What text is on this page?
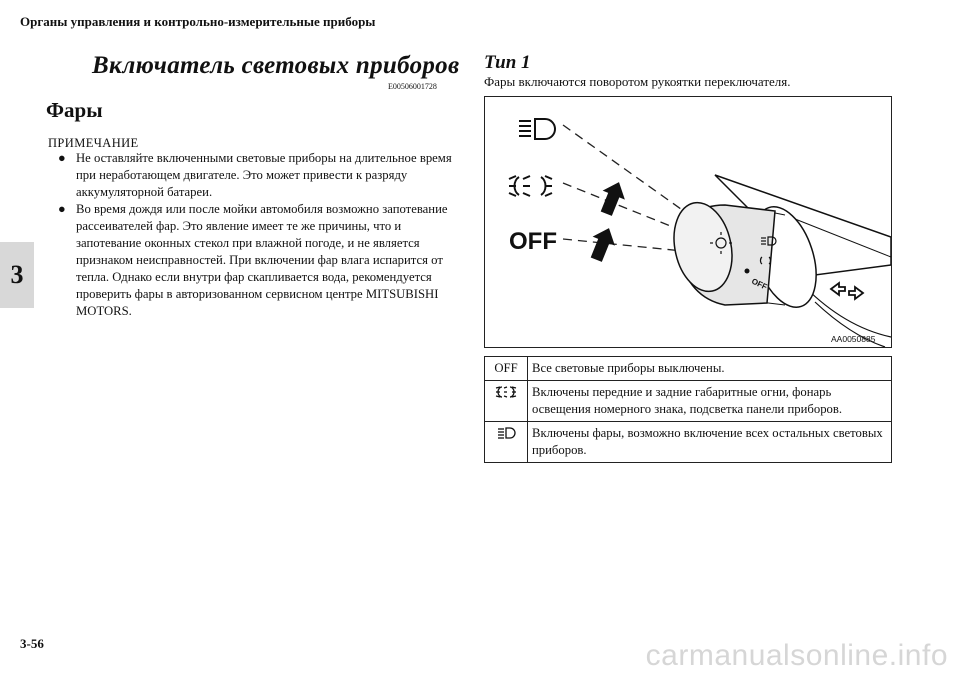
Органы управления и контрольно-измерительные приборы
3
Включатель световых приборов
E00506001728
Фары
ПРИМЕЧАНИЕ
● Не оставляйте включенными световые приборы на длительное время при неработающем двигателе. Это может привести к разряду аккумуляторной батареи.
● Во время дождя или после мойки автомобиля возможно запотевание рассеивателей фар. Это явление имеет те же причины, что и запотевание оконных стекол при влажной погоде, и не является признаком неисправностей. При включении фар влага испарится от тепла. Однако если внутри фар скапливается вода, рекомендуется проверить фары в авторизованном сервисном центре MITSUBISHI MOTORS.
Тип 1
Фары включаются поворотом рукоятки переключателя.
OFF
OFF
AA0050885
OFF	Все световые приборы выключены.
	Включены передние и задние габаритные огни, фонарь освещения номерного знака, подсветка панели приборов.
	Включены фары, возможно включение всех остальных световых приборов.
3-56	carmanualsonline.info
